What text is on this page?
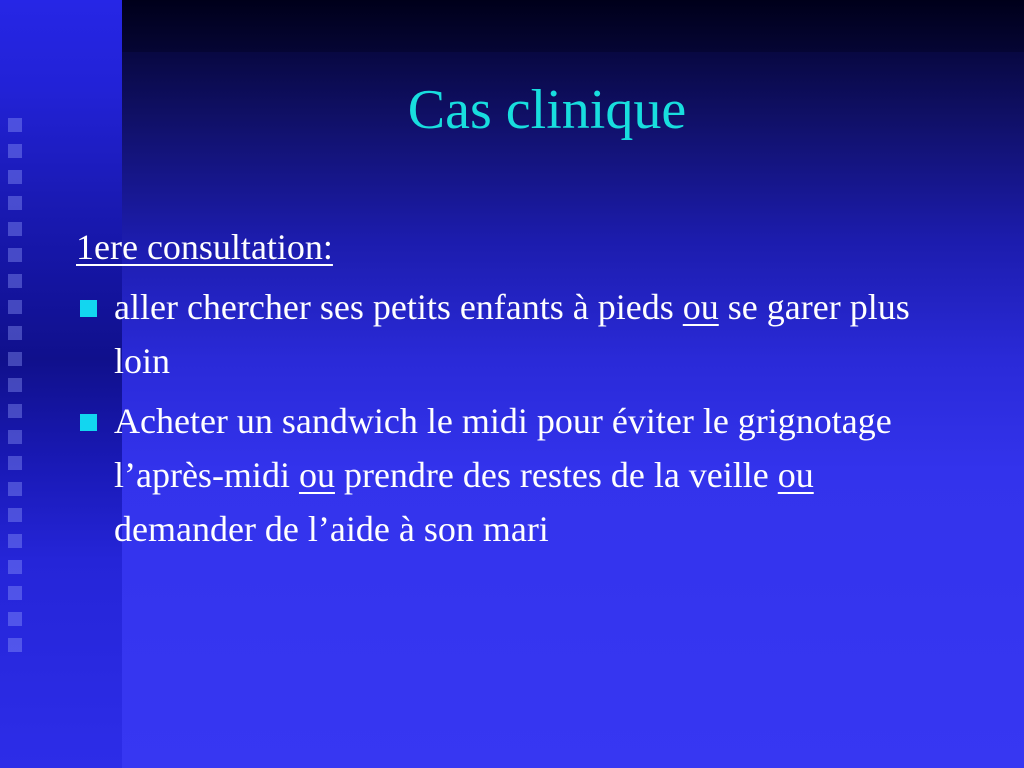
Cas clinique

1ere consultation:

aller chercher ses petits enfants à pieds ou se garer plus loin
Acheter un sandwich le midi pour éviter le grignotage l’après-midi ou prendre des restes de la veille ou demander de l’aide à son mari
